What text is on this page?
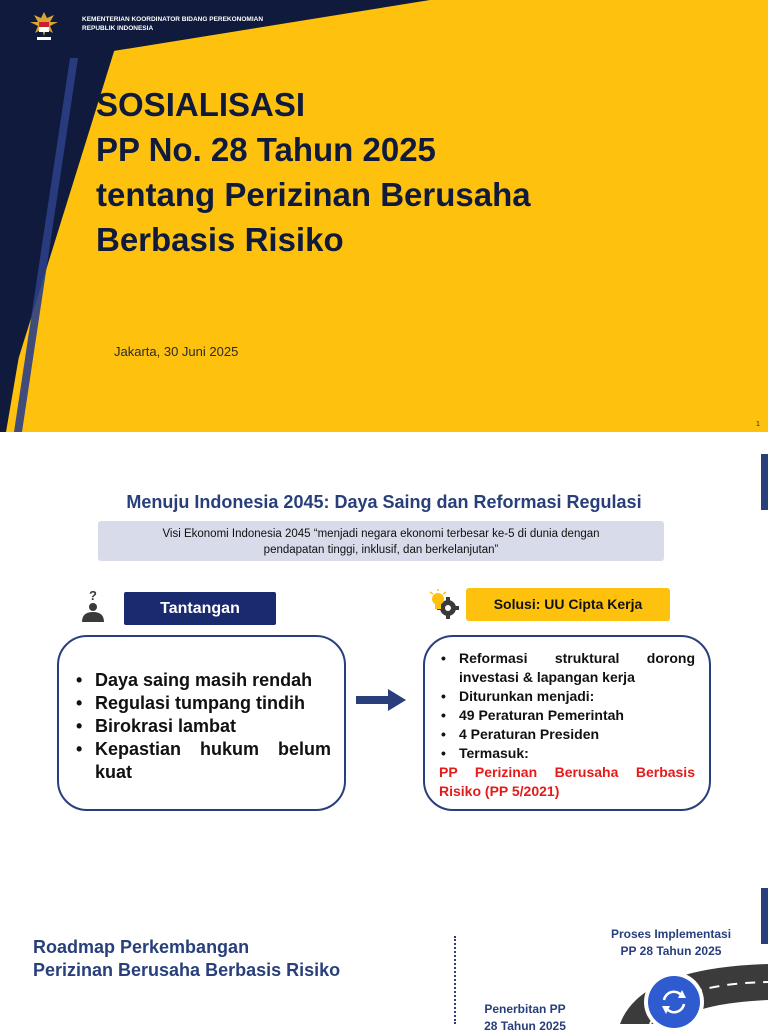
KEMENTERIAN KOORDINATOR BIDANG PEREKONOMIAN
REPUBLIK INDONESIA
SOSIALISASI
PP No. 28 Tahun 2025
tentang Perizinan Berusaha
Berbasis Risiko
Jakarta, 30 Juni 2025
1
Menuju Indonesia 2045: Daya Saing dan Reformasi Regulasi
Visi Ekonomi Indonesia 2045 “menjadi negara ekonomi terbesar ke-5 di dunia dengan
pendapatan tinggi, inklusif, dan berkelanjutan”
?
Tantangan	Solusi: UU Cipta Kerja
• Daya saing masih rendah
• Regulasi tumpang tindih
• Birokrasi lambat
• Kepastian hukum belum kuat
• Reformasi struktural dorong investasi & lapangan kerja
• Diturunkan menjadi:
• 49 Peraturan Pemerintah
• 4 Peraturan Presiden
• Termasuk:
PP Perizinan Berusaha Berbasis Risiko (PP 5/2021)
Roadmap Perkembangan
Perizinan Berusaha Berbasis Risiko
Proses Implementasi
PP 28 Tahun 2025
Penerbitan PP
28 Tahun 2025
